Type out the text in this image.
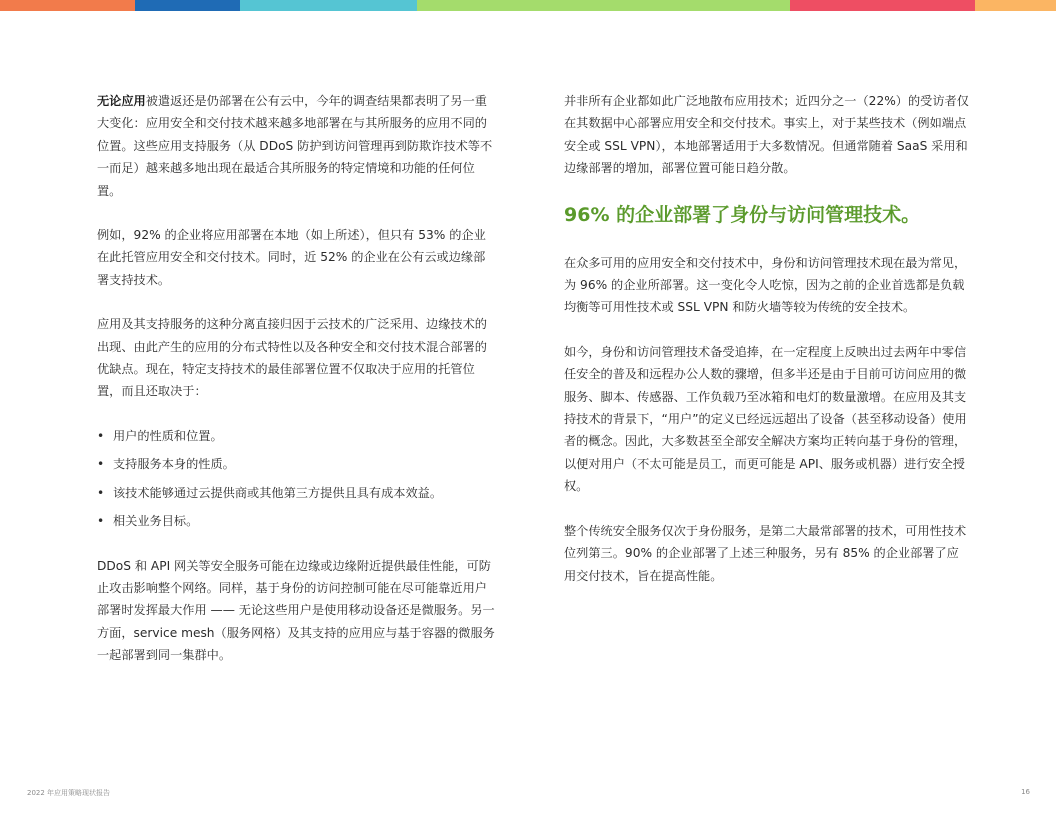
无论应用被遣返还是仍部署在公有云中，今年的调查结果都表明了另一重大变化：应用安全和交付技术越来越多地部署在与其所服务的应用不同的位置。这些应用支持服务（从 DDoS 防护到访问管理再到防欺诈技术等不一而足）越来越多地出现在最适合其所服务的特定情境和功能的任何位置。

例如，92% 的企业将应用部署在本地（如上所述），但只有 53% 的企业在此托管应用安全和交付技术。同时，近 52% 的企业在公有云或边缘部署支持技术。

应用及其支持服务的这种分离直接归因于云技术的广泛采用、边缘技术的出现、由此产生的应用的分布式特性以及各种安全和交付技术混合部署的优缺点。现在，特定支持技术的最佳部署位置不仅取决于应用的托管位置，而且还取决于：

• 用户的性质和位置。
• 支持服务本身的性质。
• 该技术能够通过云提供商或其他第三方提供且具有成本效益。
• 相关业务目标。

DDoS 和 API 网关等安全服务可能在边缘或边缘附近提供最佳性能，可防止攻击影响整个网络。同样，基于身份的访问控制可能在尽可能靠近用户部署时发挥最大作用 —— 无论这些用户是使用移动设备还是微服务。另一方面，service mesh（服务网格）及其支持的应用应与基于容器的微服务一起部署到同一集群中。

并非所有企业都如此广泛地散布应用技术；近四分之一（22%）的受访者仅在其数据中心部署应用安全和交付技术。事实上，对于某些技术（例如端点安全或 SSL VPN），本地部署适用于大多数情况。但通常随着 SaaS 采用和边缘部署的增加，部署位置可能日趋分散。

96% 的企业部署了身份与访问管理技术。

在众多可用的应用安全和交付技术中，身份和访问管理技术现在最为常见，为 96% 的企业所部署。这一变化令人吃惊，因为之前的企业首选都是负载均衡等可用性技术或 SSL VPN 和防火墙等较为传统的安全技术。

如今，身份和访问管理技术备受追捧，在一定程度上反映出过去两年中零信任安全的普及和远程办公人数的骤增，但多半还是由于目前可访问应用的微服务、脚本、传感器、工作负载乃至冰箱和电灯的数量激增。在应用及其支持技术的背景下，“用户”的定义已经远远超出了设备（甚至移动设备）使用者的概念。因此，大多数甚至全部安全解决方案均正转向基于身份的管理，以便对用户（不太可能是员工，而更可能是 API、服务或机器）进行安全授权。

整个传统安全服务仅次于身份服务，是第二大最常部署的技术，可用性技术位列第三。90% 的企业部署了上述三种服务，另有 85% 的企业部署了应用交付技术，旨在提高性能。

2022 年应用策略现状报告	16
